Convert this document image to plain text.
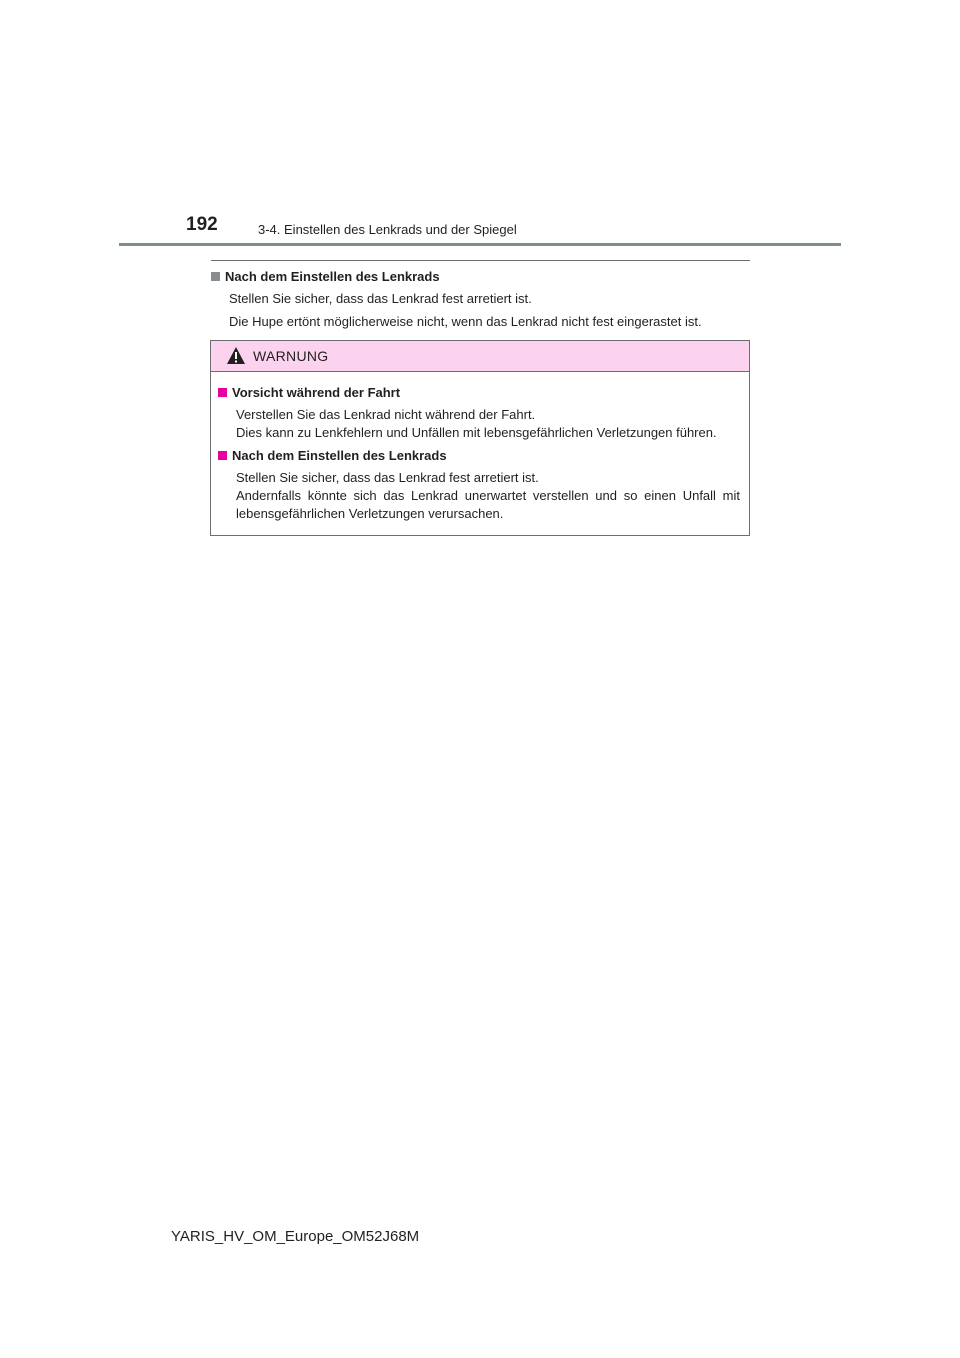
192	3-4. Einstellen des Lenkrads und der Spiegel
Nach dem Einstellen des Lenkrads
Stellen Sie sicher, dass das Lenkrad fest arretiert ist.
Die Hupe ertönt möglicherweise nicht, wenn das Lenkrad nicht fest eingerastet ist.
WARNUNG
Vorsicht während der Fahrt
Verstellen Sie das Lenkrad nicht während der Fahrt.
Dies kann zu Lenkfehlern und Unfällen mit lebensgefährlichen Verletzungen führen.
Nach dem Einstellen des Lenkrads
Stellen Sie sicher, dass das Lenkrad fest arretiert ist.
Andernfalls könnte sich das Lenkrad unerwartet verstellen und so einen Unfall mit lebensgefährlichen Verletzungen verursachen.
YARIS_HV_OM_Europe_OM52J68M
